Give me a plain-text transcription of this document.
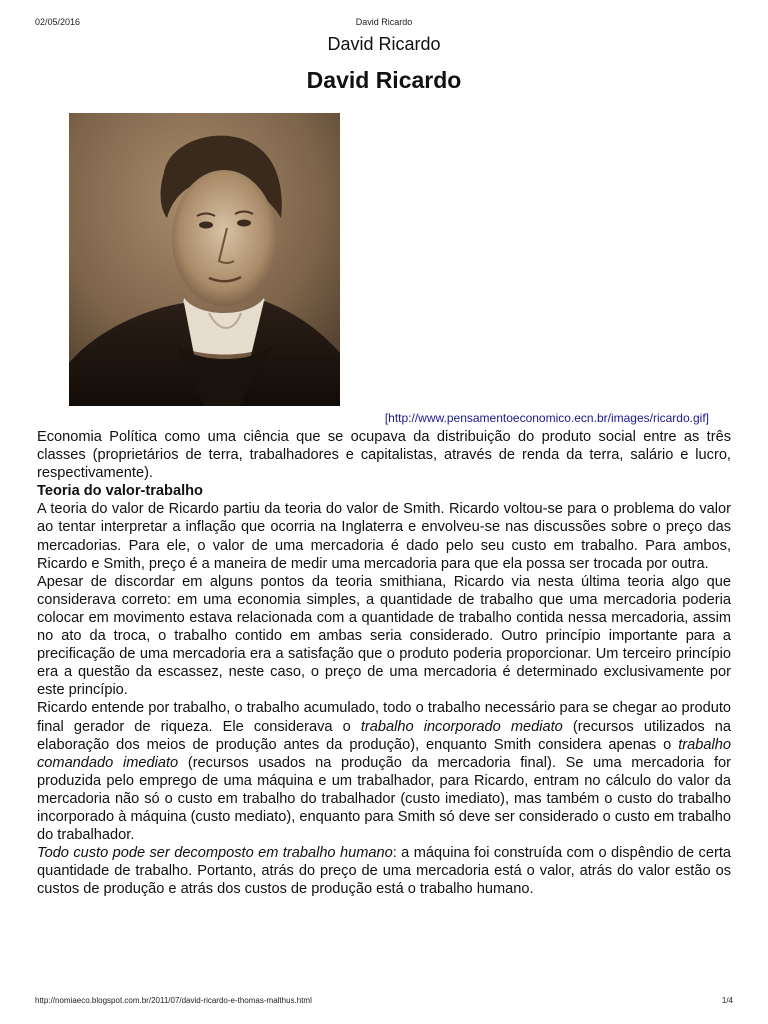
02/05/2016	David Ricardo
David Ricardo
David Ricardo
[http://www.pensamentoeconomico.ecn.br/images/ricardo.gif]

Economia Política como uma ciência que se ocupava da distribuição do produto social entre as três classes (proprietários de terra, trabalhadores e capitalistas, através de renda da terra, salário e lucro, respectivamente).

Teoria do valor-trabalho

A teoria do valor de Ricardo partiu da teoria do valor de Smith. Ricardo voltou-se para o problema do valor ao tentar interpretar a inflação que ocorria na Inglaterra e envolveu-se nas discussões sobre o preço das mercadorias. Para ele, o valor de uma mercadoria é dado pelo seu custo em trabalho. Para ambos, Ricardo e Smith, preço é a maneira de medir uma mercadoria para que ela possa ser trocada por outra.

Apesar de discordar em alguns pontos da teoria smithiana, Ricardo via nesta última teoria algo que considerava correto: em uma economia simples, a quantidade de trabalho que uma mercadoria poderia colocar em movimento estava relacionada com a quantidade de trabalho contida nessa mercadoria, assim no ato da troca, o trabalho contido em ambas seria considerado. Outro princípio importante para a precificação de uma mercadoria era a satisfação que o produto poderia proporcionar. Um terceiro princípio era a questão da escassez, neste caso, o preço de uma mercadoria é determinado exclusivamente por este princípio.

Ricardo entende por trabalho, o trabalho acumulado, todo o trabalho necessário para se chegar ao produto final gerador de riqueza. Ele considerava o trabalho incorporado mediato (recursos utilizados na elaboração dos meios de produção antes da produção), enquanto Smith considera apenas o trabalho comandado imediato (recursos usados na produção da mercadoria final). Se uma mercadoria for produzida pelo emprego de uma máquina e um trabalhador, para Ricardo, entram no cálculo do valor da mercadoria não só o custo em trabalho do trabalhador (custo imediato), mas também o custo do trabalho incorporado à máquina (custo mediato), enquanto para Smith só deve ser considerado o custo em trabalho do trabalhador.

Todo custo pode ser decomposto em trabalho humano: a máquina foi construída com o dispêndio de certa quantidade de trabalho. Portanto, atrás do preço de uma mercadoria está o valor, atrás do valor estão os custos de produção e atrás dos custos de produção está o trabalho humano.

http://nomiaeco.blogspot.com.br/2011/07/david-ricardo-e-thomas-malthus.html	1/4
